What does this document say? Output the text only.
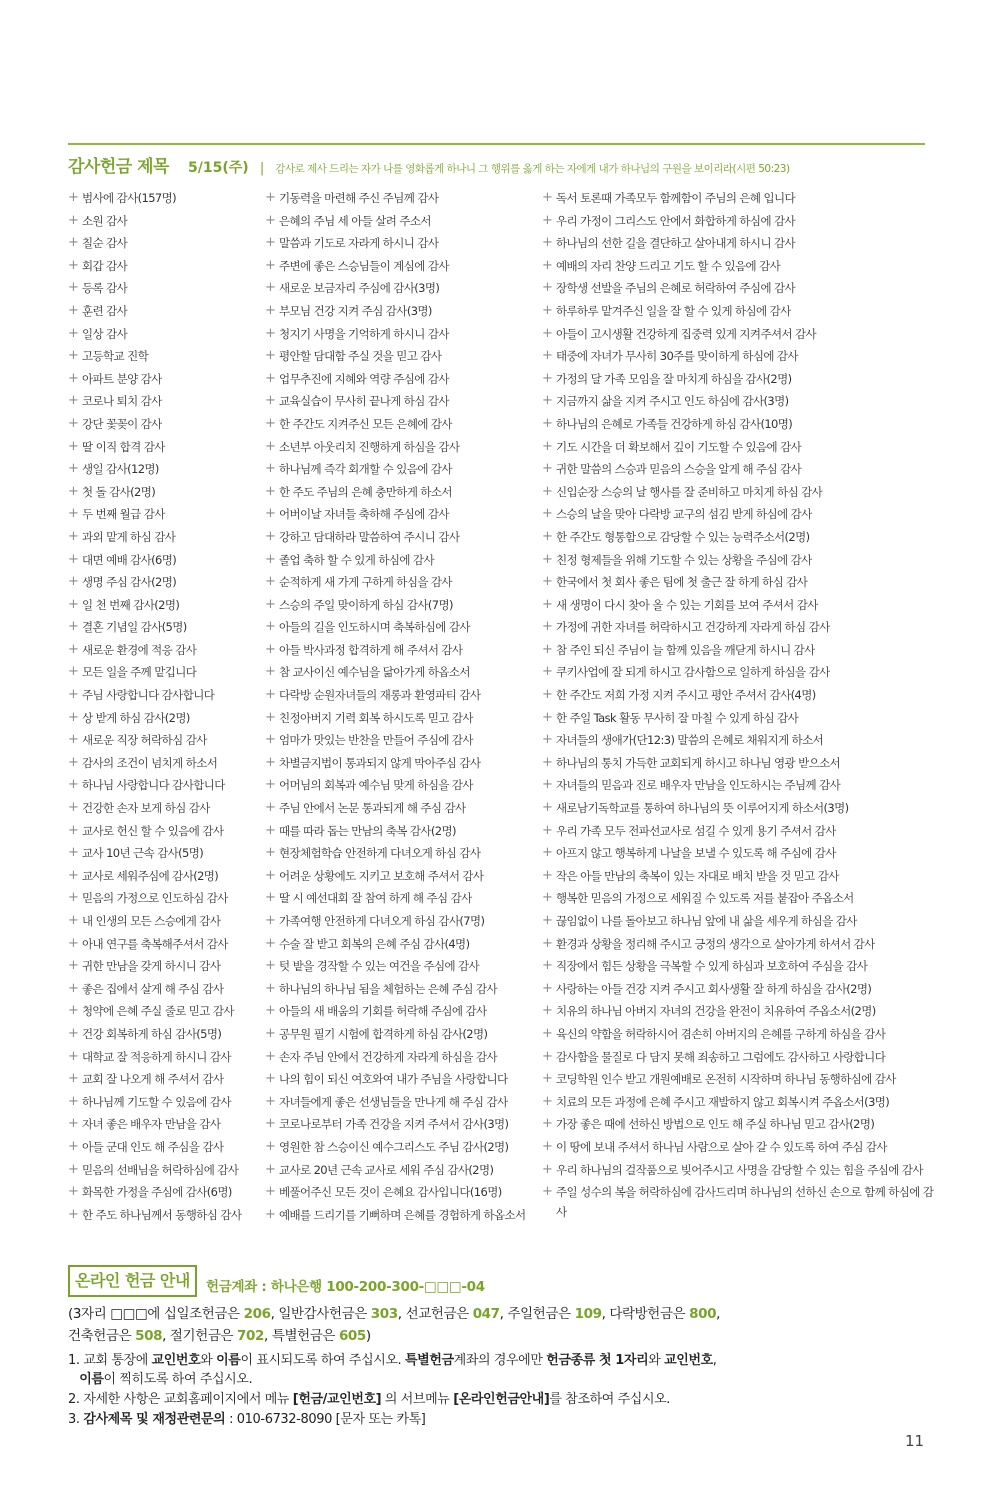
감사헌금 제목 5/15(주) | 감사로 제사 드리는 자가 나를 영화롭게 하나니 그 행위를 옳게 하는 자에게 내가 하나님의 구원을 보이리라(시편 50:23)
+ 범사에 감사(157명)
+ 소원 감사
+ 칠순 감사
+ 회갑 감사
+ 등록 감사
+ 훈련 감사
+ 일상 감사
+ 고등학교 진학
+ 아파트 분양 감사
+ 코로나 퇴치 감사
+ 강단 꽃꽂이 감사
+ 딸 이직 합격 감사
+ 생일 감사(12명)
+ 첫 돌 감사(2명)
+ 두 번째 월급 감사
+ 과외 맡게 하심 감사
+ 대면 예배 감사(6명)
+ 생명 주심 감사(2명)
+ 일 천 번째 감사(2명)
+ 결혼 기념일 감사(5명)
+ 새로운 환경에 적응 감사
+ 모든 일을 주께 맡깁니다
+ 주님 사랑합니다 감사합니다
+ 상 받게 하심 감사(2명)
+ 새로운 직장 허락하심 감사
+ 감사의 조건이 넘치게 하소서
+ 하나님 사랑합니다 감사합니다
+ 건강한 손자 보게 하심 감사
+ 교사로 헌신 할 수 있음에 감사
+ 교사 10년 근속 감사(5명)
+ 교사로 세워주심에 감사(2명)
+ 믿음의 가정으로 인도하심 감사
+ 내 인생의 모든 스승에게 감사
+ 아내 연구를 축복해주셔서 감사
+ 귀한 만남을 갖게 하시니 감사
+ 좋은 집에서 살게 해 주심 감사
+ 청약에 은혜 주실 줄로 믿고 감사
+ 건강 회복하게 하심 감사(5명)
+ 대학교 잘 적응하게 하시니 감사
+ 교회 잘 나오게 해 주셔서 감사
+ 하나님께 기도할 수 있음에 감사
+ 자녀 좋은 배우자 만남을 감사
+ 아들 군대 인도 해 주심을 감사
+ 믿음의 선배님을 허락하심에 감사
+ 화목한 가정을 주심에 감사(6명)
+ 한 주도 하나님께서 동행하심 감사
+ 기동력을 마련해 주신 주님께 감사
+ 은혜의 주님 세 아들 살려 주소서
+ 말씀과 기도로 자라게 하시니 감사
+ 주변에 좋은 스승님들이 계심에 감사
+ 새로운 보금자리 주심에 감사(3명)
+ 부모님 건강 지켜 주심 감사(3명)
+ 청지기 사명을 기억하게 하시니 감사
+ 평안할 담대함 주실 것을 믿고 감사
+ 업무추진에 지혜와 역량 주심에 감사
+ 교육실습이 무사히 끝나게 하심 감사
+ 한 주간도 지켜주신 모든 은혜에 감사
+ 소년부 아웃리치 진행하게 하심을 감사
+ 하나님께 즉각 회개할 수 있음에 감사
+ 한 주도 주님의 은혜 충만하게 하소서
+ 어버이날 자녀들 축하해 주심에 감사
+ 강하고 담대하라 말씀하여 주시니 감사
+ 졸업 축하 할 수 있게 하심에 감사
+ 순적하게 새 가게 구하게 하심을 감사
+ 스승의 주일 맞이하게 하심 감사(7명)
+ 아들의 길을 인도하시며 축복하심에 감사
+ 아들 박사과정 합격하게 해 주셔서 감사
+ 참 교사이신 예수님을 닮아가게 하옵소서
+ 다락방 순원자녀들의 재롱과 환영파티 감사
+ 친정아버지 기력 회복 하시도록 믿고 감사
+ 엄마가 맛있는 반찬을 만들어 주심에 감사
+ 차별금지법이 통과되지 않게 막아주심 감사
+ 어머님의 회복과 예수님 맞게 하심을 감사
+ 주님 안에서 논문 통과되게 해 주심 감사
+ 때를 따라 돕는 만남의 축복 감사(2명)
+ 현장체험학습 안전하게 다녀오게 하심 감사
+ 어려운 상황에도 지키고 보호해 주셔서 감사
+ 딸 시 예선대회 잘 참여 하게 해 주심 감사
+ 가족여행 안전하게 다녀오게 하심 감사(7명)
+ 수술 잘 받고 회복의 은혜 주심 감사(4명)
+ 텃 밭을 경작할 수 있는 여건을 주심에 감사
+ 하나님의 하나님 됨을 체험하는 은혜 주심 감사
+ 아들의 새 배움의 기회를 허락해 주심에 감사
+ 공무원 필기 시험에 합격하게 하심 감사(2명)
+ 손자 주님 안에서 건강하게 자라게 하심을 감사
+ 나의 힘이 되신 여호와여 내가 주님을 사랑합니다
+ 자녀들에게 좋은 선생님들을 만나게 해 주심 감사
+ 코로나로부터 가족 건강을 지켜 주셔서 감사(3명)
+ 영원한 참 스승이신 예수그리스도 주님 감사(2명)
+ 교사로 20년 근속 교사로 세워 주심 감사(2명)
+ 베풀어주신 모든 것이 은혜요 감사입니다(16명)
+ 예배를 드리기를 기뻐하며 은혜를 경험하게 하옵소서
+ 독서 토론때 가족모두 함께함이 주님의 은혜 입니다
+ 우리 가정이 그리스도 안에서 화합하게 하심에 감사
+ 하나님의 선한 길을 결단하고 살아내게 하시니 감사
+ 예배의 자리 찬양 드리고 기도 할 수 있음에 감사
+ 장학생 선발을 주님의 은혜로 허락하여 주심에 감사
+ 하루하루 맡겨주신 일을 잘 할 수 있게 하심에 감사
+ 아들이 고시생활 건강하게 집중력 있게 지켜주셔서 감사
+ 태중에 자녀가 무사히 30주를 맞이하게 하심에 감사
+ 가정의 달 가족 모임을 잘 마치게 하심을 감사(2명)
+ 지금까지 삶을 지켜 주시고 인도 하심에 감사(3명)
+ 하나님의 은혜로 가족들 건강하게 하심 감사(10명)
+ 기도 시간을 더 확보해서 깊이 기도할 수 있음에 감사
+ 귀한 말씀의 스승과 믿음의 스승을 알게 해 주심 감사
+ 신입순장 스승의 날 행사를 잘 준비하고 마치게 하심 감사
+ 스승의 날을 맞아 다락방 교구의 섬김 받게 하심에 감사
+ 한 주간도 형통함으로 감당할 수 있는 능력주소서(2명)
+ 친정 형제들을 위해 기도할 수 있는 상황을 주심에 감사
+ 한국에서 첫 회사 좋은 팀에 첫 출근 잘 하게 하심 감사
+ 새 생명이 다시 찾아 올 수 있는 기회를 보여 주셔서 감사
+ 가정에 귀한 자녀를 허락하시고 건강하게 자라게 하심 감사
+ 참 주인 되신 주님이 늘 함께 있음을 깨닫게 하시니 감사
+ 쿠키사업에 잘 되게 하시고 감사함으로 일하게 하심을 감사
+ 한 주간도 저희 가정 지켜 주시고 평안 주셔서 감사(4명)
+ 한 주일 Task 활동 무사히 잘 마칠 수 있게 하심 감사
+ 자녀들의 생애가(단12:3) 말씀의 은혜로 채워지게 하소서
+ 하나님의 통치 가득한 교회되게 하시고 하나님 영광 받으소서
+ 자녀들의 믿음과 진로 배우자 만남을 인도하시는 주님께 감사
+ 새로남기독학교를 통하여 하나님의 뜻 이루어지게 하소서(3명)
+ 우리 가족 모두 전파선교사로 섬길 수 있게 용기 주셔서 감사
+ 아프지 않고 행복하게 나날을 보낼 수 있도록 해 주심에 감사
+ 작은 아들 만남의 축복이 있는 자대로 배치 받을 것 믿고 감사
+ 행복한 믿음의 가정으로 세워질 수 있도록 저를 붙잡아 주옵소서
+ 끊임없이 나를 돌아보고 하나님 앞에 내 삶을 세우게 하심을 감사
+ 환경과 상황을 정리해 주시고 긍정의 생각으로 살아가게 하셔서 감사
+ 직장에서 힘든 상황을 극복할 수 있게 하심과 보호하여 주심을 감사
+ 사랑하는 아들 건강 지켜 주시고 회사생활 잘 하게 하심을 감사(2명)
+ 치유의 하나님 아버지 자녀의 건강을 완전이 치유하여 주옵소서(2명)
+ 육신의 약함을 허락하시어 겸손히 아버지의 은혜를 구하게 하심을 감사
+ 감사함을 물질로 다 담지 못해 죄송하고 그럼에도 감사하고 사랑합니다
+ 코딩학원 인수 받고 개원예배로 온전히 시작하며 하나님 동행하심에 감사
+ 치료의 모든 과정에 은혜 주시고 재발하지 않고 회복시켜 주옵소서(3명)
+ 가장 좋은 때에 선하신 방법으로 인도 해 주실 하나님 믿고 감사(2명)
+ 이 땅에 보내 주셔서 하나님 사람으로 살아 갈 수 있도록 하여 주심 감사
+ 우리 하나님의 걸작품으로 빚어주시고 사명을 감당할 수 있는 힘을 주심에 감사
+ 주일 성수의 복을 허락하심에 감사드리며 하나님의 선하신 손으로 함께 하심에 감사
온라인 헌금 안내	헌금계좌 : 하나은행 100-200-300-□□□-04
(3자리 □□□에 십일조헌금은 206, 일반감사헌금은 303, 선교헌금은 047, 주일헌금은 109, 다락방헌금은 800,
건축헌금은 508, 절기헌금은 702, 특별헌금은 605)
1. 교회 통장에 교인번호와 이름이 표시되도록 하여 주십시오. 특별헌금계좌의 경우에만 헌금종류 첫 1자리와 교인번호,
이름이 찍히도록 하여 주십시오.
2. 자세한 사항은 교회홈페이지에서 메뉴 [헌금/교인번호] 의 서브메뉴 [온라인헌금안내]를 참조하여 주십시오.
3. 감사제목 및 재정관련문의 : 010-6732-8090 [문자 또는 카톡]
11
